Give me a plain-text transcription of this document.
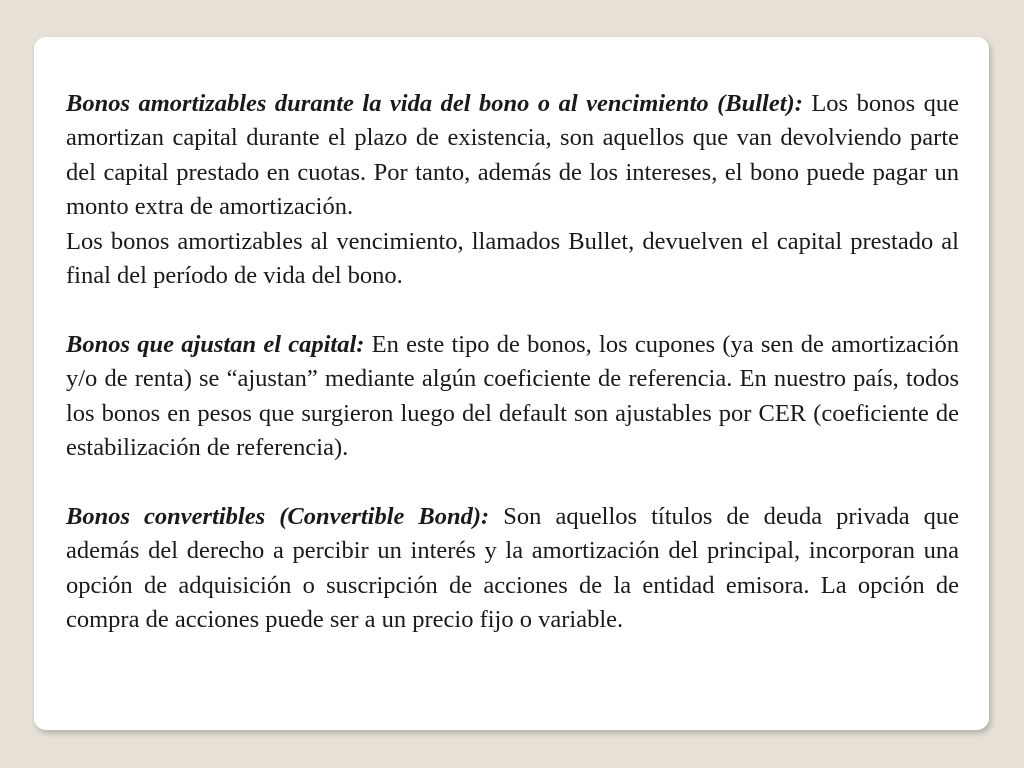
Bonos amortizables durante la vida del bono o al vencimiento (Bullet): Los bonos que amortizan capital durante el plazo de existencia, son aquellos que van devolviendo parte del capital prestado en cuotas. Por tanto, además de los intereses, el bono puede pagar un monto extra de amortización.

Los bonos amortizables al vencimiento, llamados Bullet, devuelven el capital prestado al final del período de vida del bono.

Bonos que ajustan el capital: En este tipo de bonos, los cupones (ya sen de amortización y/o de renta) se “ajustan” mediante algún coeficiente de referencia. En nuestro país, todos los bonos en pesos que surgieron luego del default son ajustables por CER (coeficiente de estabilización de referencia).

Bonos convertibles (Convertible Bond): Son aquellos títulos de deuda privada que además del derecho a percibir un interés y la amortización del principal, incorporan una opción de adquisición o suscripción de acciones de la entidad emisora. La opción de compra de acciones puede ser a un precio fijo o variable.
